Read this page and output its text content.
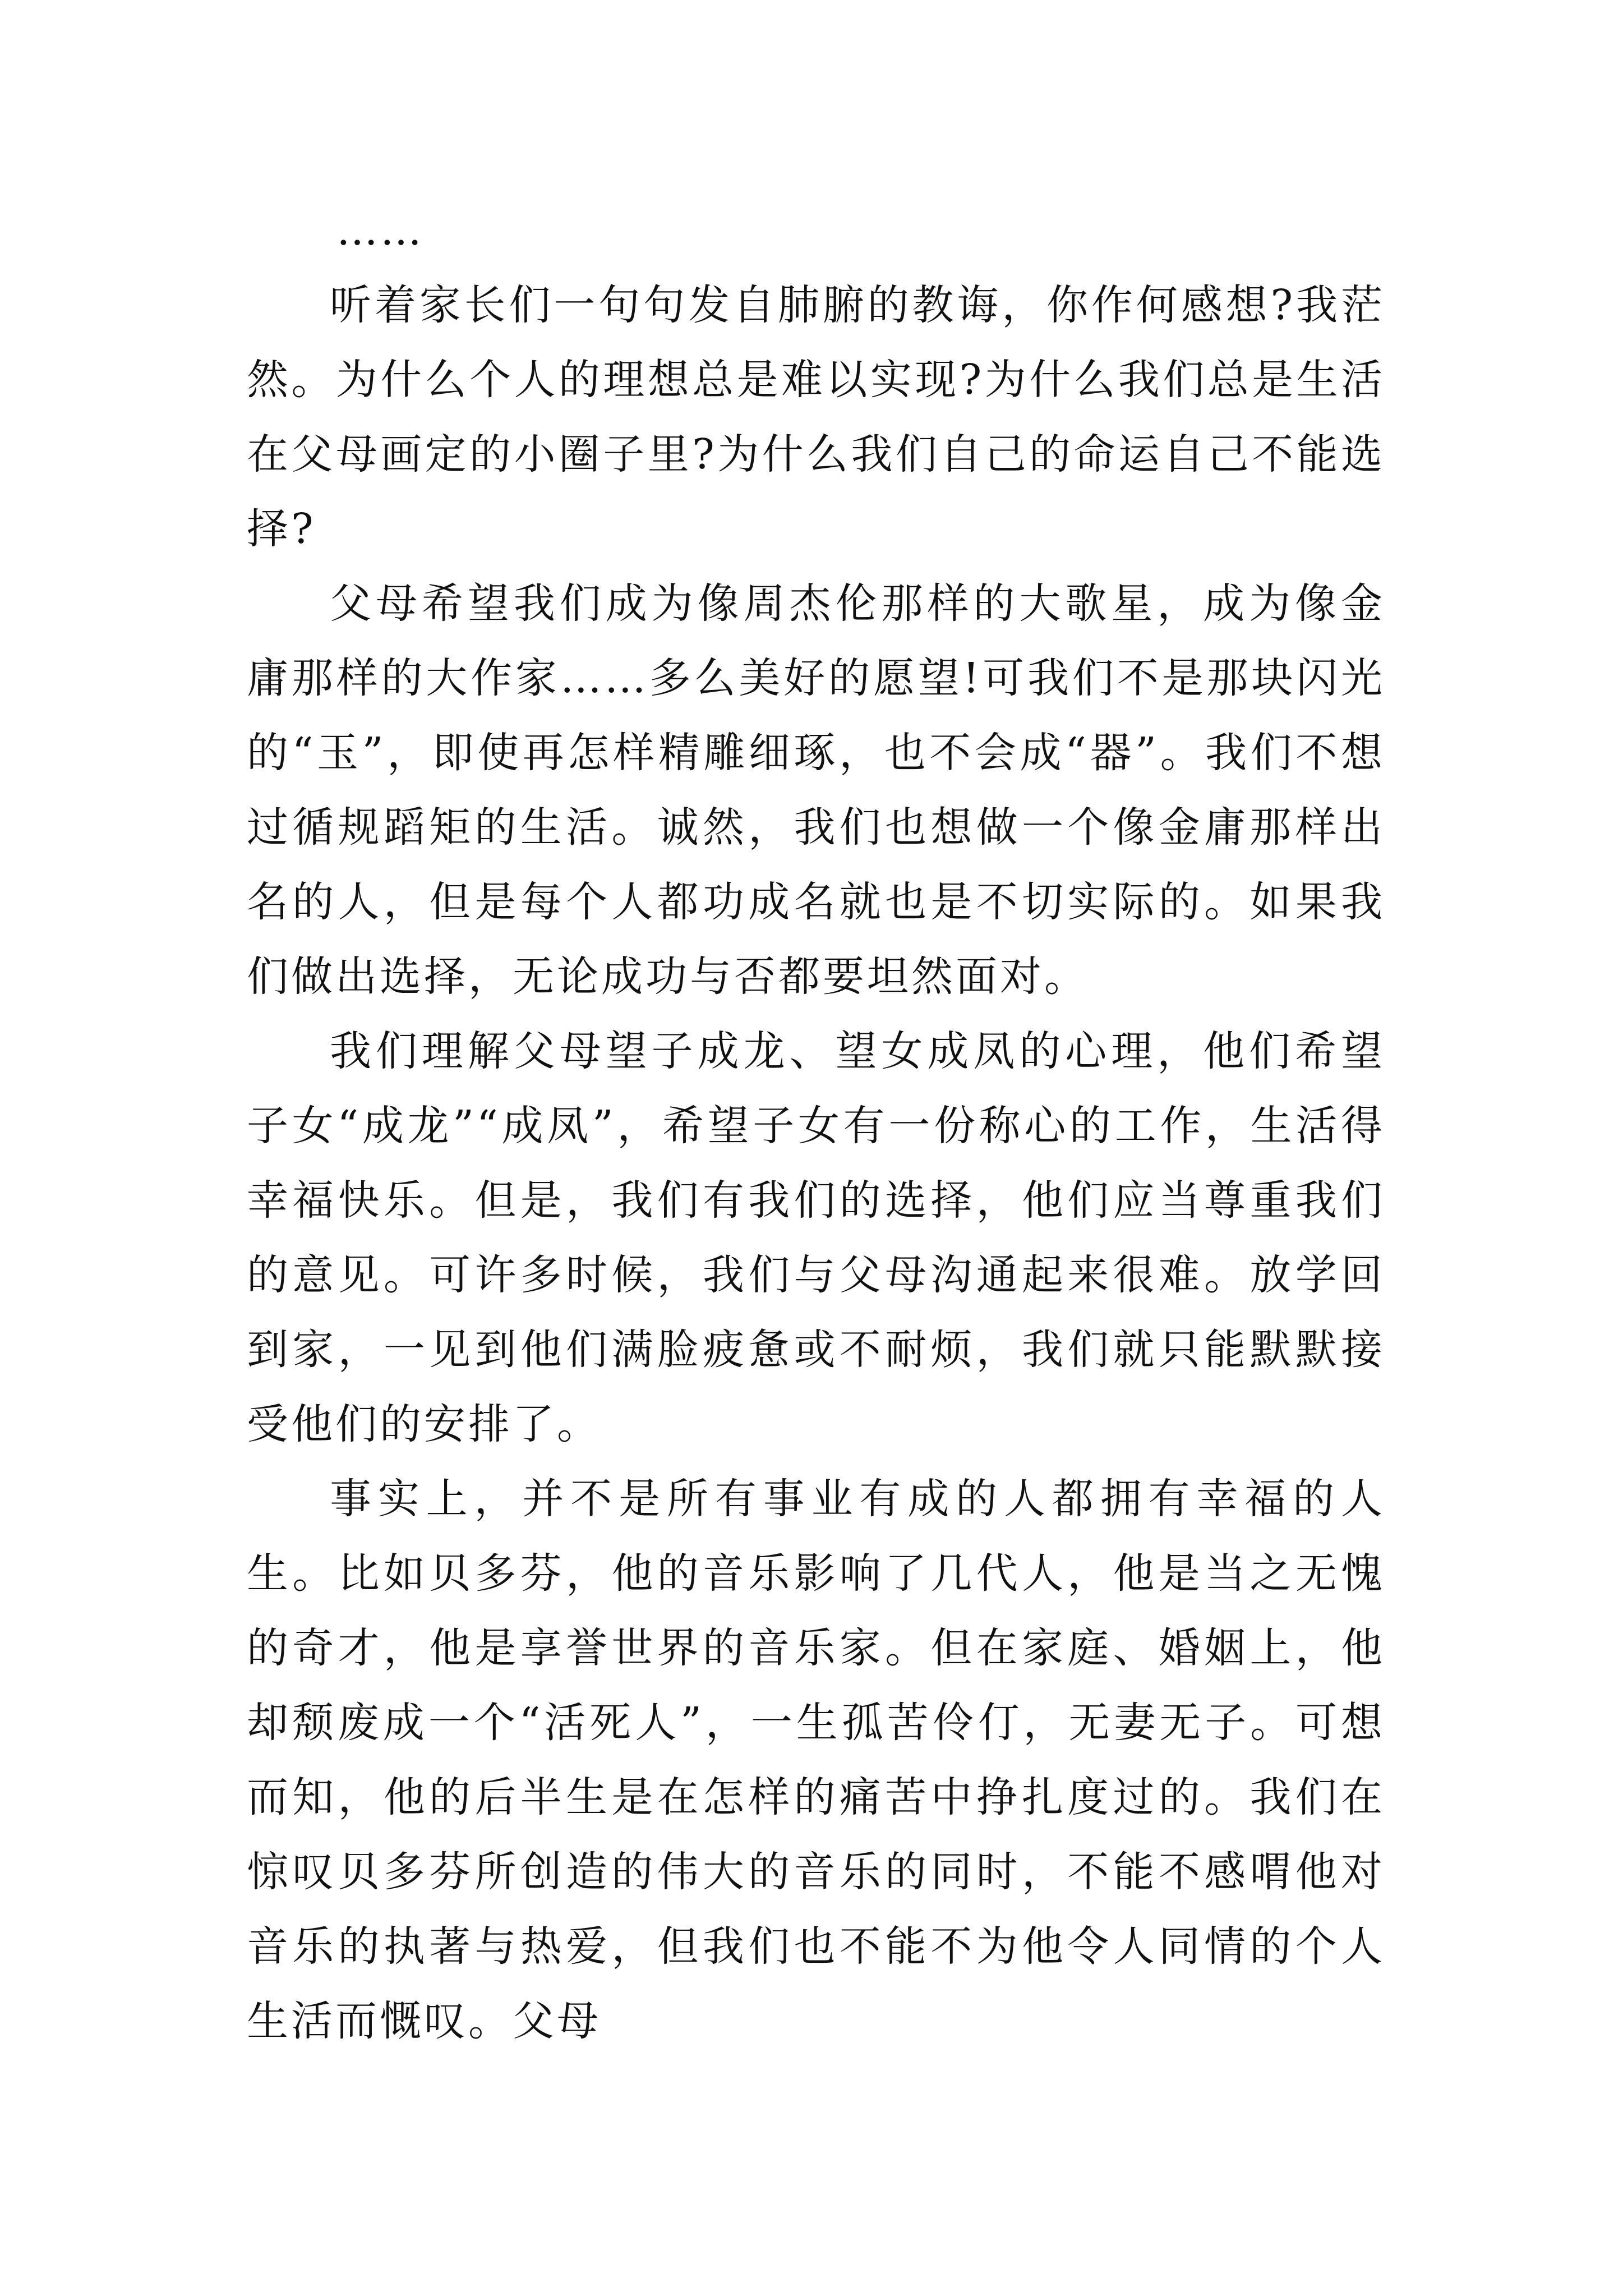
……

听着家长们一句句发自肺腑的教诲，你作何感想?我茫然。为什么个人的理想总是难以实现?为什么我们总是生活在父母画定的小圈子里?为什么我们自己的命运自己不能选择?

父母希望我们成为像周杰伦那样的大歌星，成为像金庸那样的大作家……多么美好的愿望!可我们不是那块闪光的“玉”，即使再怎样精雕细琢，也不会成“器”。我们不想过循规蹈矩的生活。诚然，我们也想做一个像金庸那样出名的人，但是每个人都功成名就也是不切实际的。如果我们做出选择，无论成功与否都要坦然面对。

我们理解父母望子成龙、望女成凤的心理，他们希望子女“成龙”“成凤”，希望子女有一份称心的工作，生活得幸福快乐。但是，我们有我们的选择，他们应当尊重我们的意见。可许多时候，我们与父母沟通起来很难。放学回到家，一见到他们满脸疲惫或不耐烦，我们就只能默默接受他们的安排了。

事实上，并不是所有事业有成的人都拥有幸福的人生。比如贝多芬，他的音乐影响了几代人，他是当之无愧的奇才，他是享誉世界的音乐家。但在家庭、婚姻上，他却颓废成一个“活死人”，一生孤苦伶仃，无妻无子。可想而知，他的后半生是在怎样的痛苦中挣扎度过的。我们在惊叹贝多芬所创造的伟大的音乐的同时，不能不感喟他对音乐的执著与热爱，但我们也不能不为他令人同情的个人生活而慨叹。父母
